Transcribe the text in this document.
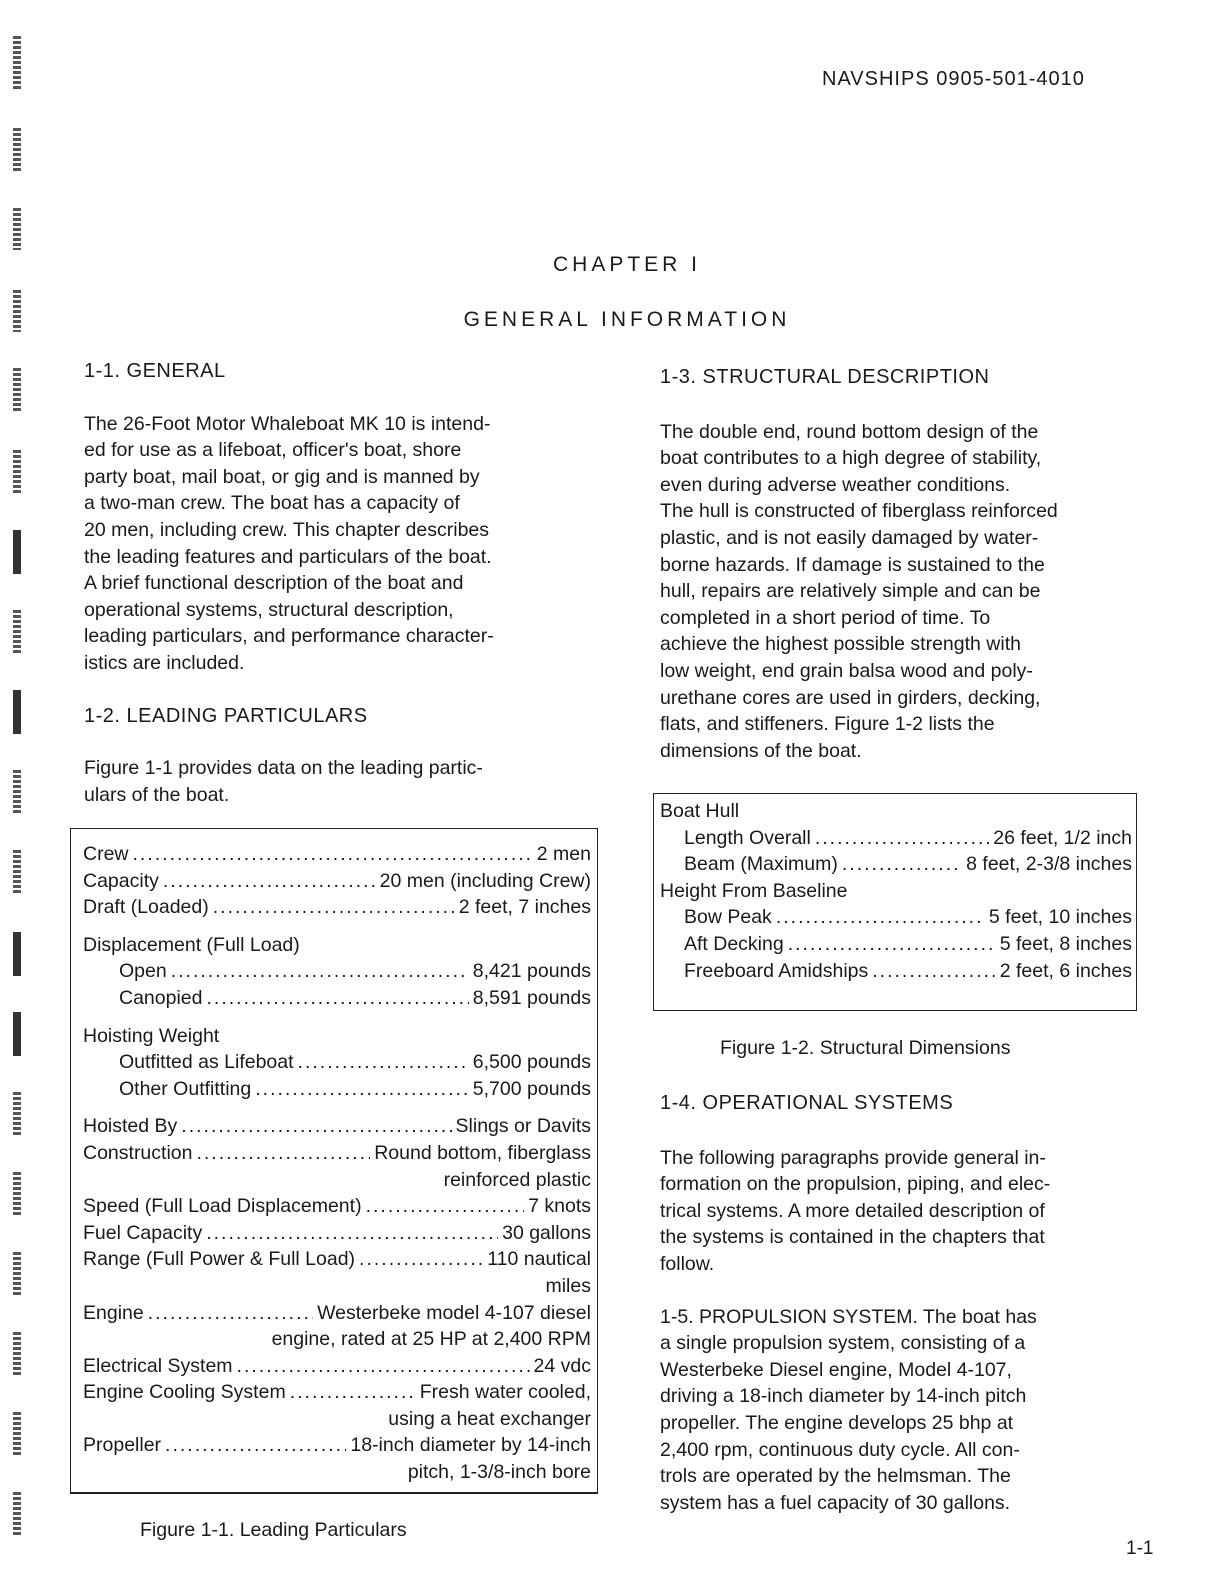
NAVSHIPS 0905-501-4010
CHAPTER I
GENERAL INFORMATION
1-1. GENERAL
The 26-Foot Motor Whaleboat MK 10 is intend-
ed for use as a lifeboat, officer's boat, shore
party boat, mail boat, or gig and is manned by
a two-man crew. The boat has a capacity of
20 men, including crew. This chapter describes
the leading features and particulars of the boat.
A brief functional description of the boat and
operational systems, structural description,
leading particulars, and performance character-
istics are included.
1-2. LEADING PARTICULARS
Figure 1-1 provides data on the leading partic-
ulars of the boat.
Crew .....	2 men
Capacity .....	20 men (including Crew)
Draft (Loaded) .....	2 feet, 7 inches
Displacement (Full Load)
Open .....	8,421 pounds
Canopied .....	8,591 pounds
Hoisting Weight
Outfitted as Lifeboat .....	6,500 pounds
Other Outfitting .....	5,700 pounds
Hoisted By .....	Slings or Davits
Construction .....	Round bottom, fiberglass
reinforced plastic
Speed (Full Load Displacement) .....	7 knots
Fuel Capacity .....	30 gallons
Range (Full Power & Full Load) .....	110 nautical
miles
Engine .....	Westerbeke model 4-107 diesel
engine, rated at 25 HP at 2,400 RPM
Electrical System .....	24 vdc
Engine Cooling System .....	Fresh water cooled,
using a heat exchanger
Propeller .....	18-inch diameter by 14-inch
pitch, 1-3/8-inch bore
Figure 1-1. Leading Particulars
1-3. STRUCTURAL DESCRIPTION
The double end, round bottom design of the
boat contributes to a high degree of stability,
even during adverse weather conditions.
The hull is constructed of fiberglass reinforced
plastic, and is not easily damaged by water-
borne hazards. If damage is sustained to the
hull, repairs are relatively simple and can be
completed in a short period of time. To
achieve the highest possible strength with
low weight, end grain balsa wood and poly-
urethane cores are used in girders, decking,
flats, and stiffeners. Figure 1-2 lists the
dimensions of the boat.
Boat Hull
Length Overall .....	26 feet, 1/2 inch
Beam (Maximum) .....	8 feet, 2-3/8 inches
Height From Baseline
Bow Peak .....	5 feet, 10 inches
Aft Decking .....	5 feet, 8 inches
Freeboard Amidships .....	2 feet, 6 inches
Figure 1-2. Structural Dimensions
1-4. OPERATIONAL SYSTEMS
The following paragraphs provide general in-
formation on the propulsion, piping, and elec-
trical systems. A more detailed description of
the systems is contained in the chapters that
follow.
1-5. PROPULSION SYSTEM. The boat has
a single propulsion system, consisting of a
Westerbeke Diesel engine, Model 4-107,
driving a 18-inch diameter by 14-inch pitch
propeller. The engine develops 25 bhp at
2,400 rpm, continuous duty cycle. All con-
trols are operated by the helmsman. The
system has a fuel capacity of 30 gallons.
1-1
